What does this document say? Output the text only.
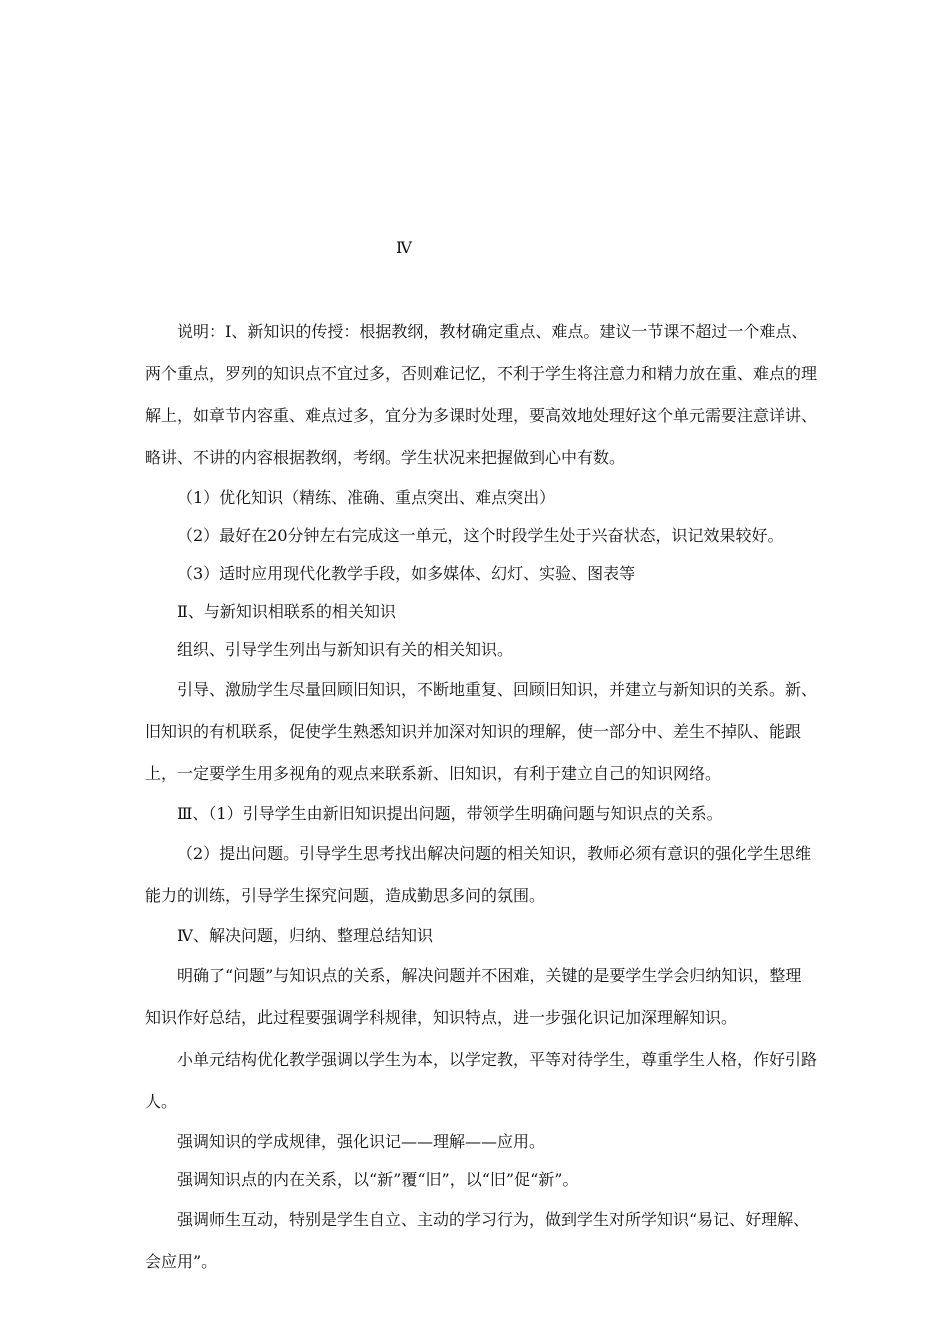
Ⅳ

说明：Ⅰ、新知识的传授：根据教纲，教材确定重点、难点。建议一节课不超过一个难点、两个重点，罗列的知识点不宜过多，否则难记忆，不利于学生将注意力和精力放在重、难点的理解上，如章节内容重、难点过多，宜分为多课时处理，要高效地处理好这个单元需要注意详讲、略讲、不讲的内容根据教纲，考纲。学生状况来把握做到心中有数。

（1）优化知识（精练、准确、重点突出、难点突出）

（2）最好在20分钟左右完成这一单元，这个时段学生处于兴奋状态，识记效果较好。

（3）适时应用现代化教学手段，如多媒体、幻灯、实验、图表等

Ⅱ、与新知识相联系的相关知识

组织、引导学生列出与新知识有关的相关知识。

引导、激励学生尽量回顾旧知识，不断地重复、回顾旧知识，并建立与新知识的关系。新、旧知识的有机联系，促使学生熟悉知识并加深对知识的理解，使一部分中、差生不掉队、能跟上，一定要学生用多视角的观点来联系新、旧知识，有利于建立自己的知识网络。

Ⅲ、（1）引导学生由新旧知识提出问题，带领学生明确问题与知识点的关系。

（2）提出问题。引导学生思考找出解决问题的相关知识，教师必须有意识的强化学生思维能力的训练，引导学生探究问题，造成勤思多问的氛围。

Ⅳ、解决问题，归纳、整理总结知识

明确了“问题”与知识点的关系，解决问题并不困难，关键的是要学生学会归纳知识，整理知识作好总结，此过程要强调学科规律，知识特点，进一步强化识记加深理解知识。

小单元结构优化教学强调以学生为本，以学定教，平等对待学生，尊重学生人格，作好引路人。

强调知识的学成规律，强化识记——理解——应用。

强调知识点的内在关系，以“新”覆“旧”，以“旧”促“新”。

强调师生互动，特别是学生自立、主动的学习行为，做到学生对所学知识“易记、好理解、会应用”。
